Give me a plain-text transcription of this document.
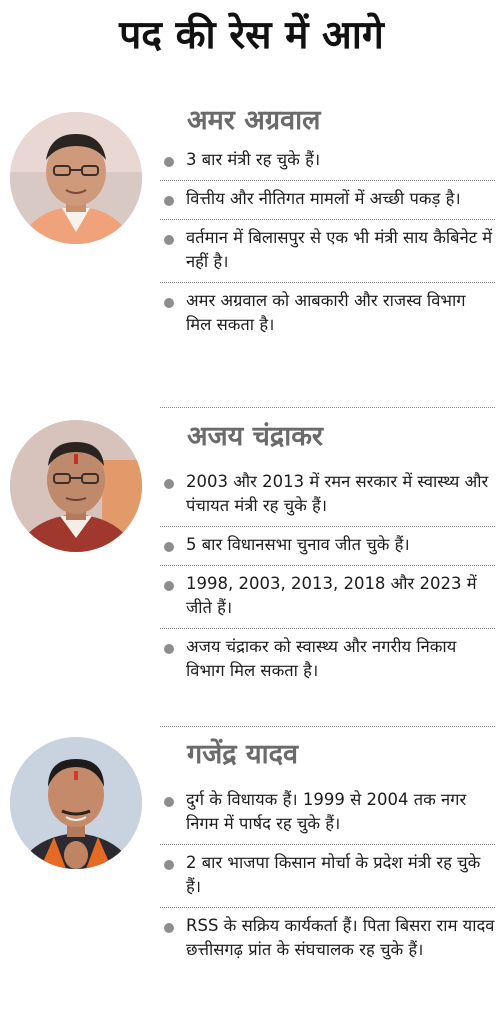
पद की रेस में आगे
अमर अग्रवाल
3 बार मंत्री रह चुके हैं।
वित्तीय और नीतिगत मामलों में अच्छी पकड़ है।
वर्तमान में बिलासपुर से एक भी मंत्री साय कैबिनेट में नहीं है।
अमर अग्रवाल को आबकारी और राजस्व विभाग मिल सकता है।
अजय चंद्राकर
2003 और 2013 में रमन सरकार में स्वास्थ्य और पंचायत मंत्री रह चुके हैं।
5 बार विधानसभा चुनाव जीत चुके हैं।
1998, 2003, 2013, 2018 और 2023 में जीते हैं।
अजय चंद्राकर को स्वास्थ्य और नगरीय निकाय विभाग मिल सकता है।
गजेंद्र यादव
दुर्ग के विधायक हैं। 1999 से 2004 तक नगर निगम में पार्षद रह चुके हैं।
2 बार भाजपा किसान मोर्चा के प्रदेश मंत्री रह चुके हैं।
RSS के सक्रिय कार्यकर्ता हैं। पिता बिसरा राम यादव छत्तीसगढ़ प्रांत के संघचालक रह चुके हैं।
